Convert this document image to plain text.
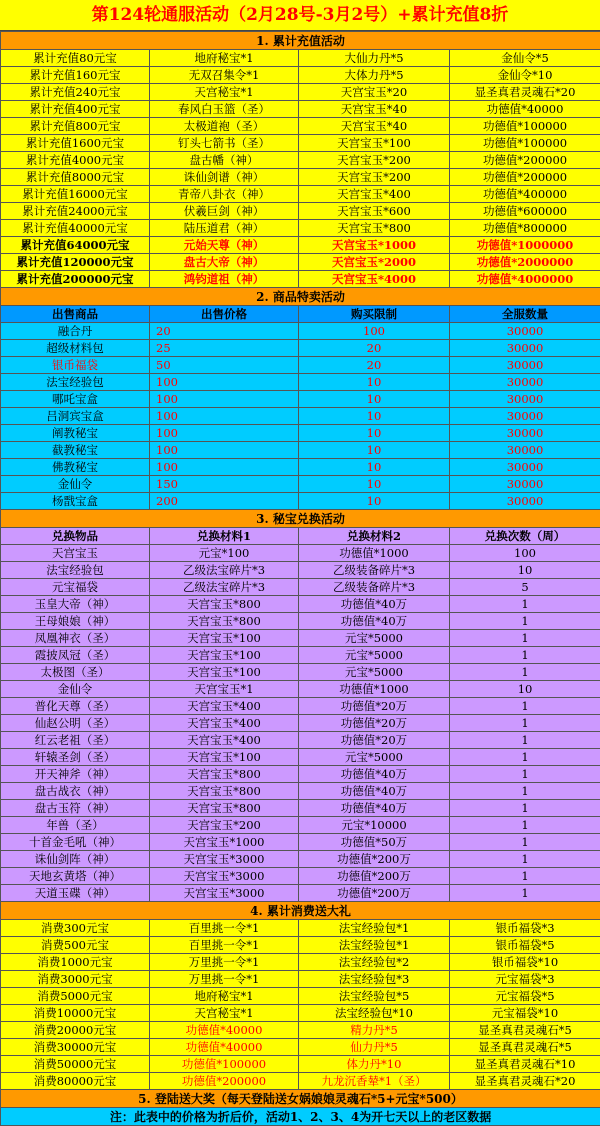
第124轮通服活动（2月28号-3月2号）+累计充值8折
1. 累计充值活动			
累计充值80元宝	地府秘宝*1	大仙力丹*5	金仙令*5
累计充值160元宝	无双召集令*1	大体力丹*5	金仙令*10
累计充值240元宝	天宫秘宝*1	天宫宝玉*20	显圣真君灵魂石*20
累计充值400元宝	春风白玉篮（圣）	天宫宝玉*40	功德值*40000
累计充值800元宝	太极道袍（圣）	天宫宝玉*40	功德值*100000
累计充值1600元宝	钉头七箭书（圣）	天宫宝玉*100	功德值*100000
累计充值4000元宝	盘古幡（神）	天宫宝玉*200	功德值*200000
累计充值8000元宝	诛仙剑谱（神）	天宫宝玉*200	功德值*200000
累计充值16000元宝	青帝八卦衣（神）	天宫宝玉*400	功德值*400000
累计充值24000元宝	伏羲巨剑（神）	天宫宝玉*600	功德值*600000
累计充值40000元宝	陆压道君（神）	天宫宝玉*800	功德值*800000
累计充值64000元宝	元始天尊（神）	天宫宝玉*1000	功德值*1000000
累计充值120000元宝	盘古大帝（神）	天宫宝玉*2000	功德值*2000000
累计充值200000元宝	鸿钧道祖（神）	天宫宝玉*4000	功德值*4000000
2. 商品特卖活动			
出售商品	出售价格	购买限制	全服数量
融合丹	20	100	30000
超级材料包	25	20	30000
银币福袋	50	20	30000
法宝经验包	100	10	30000
哪吒宝盒	100	10	30000
吕洞宾宝盒	100	10	30000
阐教秘宝	100	10	30000
截教秘宝	100	10	30000
佛教秘宝	100	10	30000
金仙令	150	10	30000
杨戬宝盒	200	10	30000
3. 秘宝兑换活动			
兑换物品	兑换材料1	兑换材料2	兑换次数（周）
天宫宝玉	元宝*100	功德值*1000	100
法宝经验包	乙级法宝碎片*3	乙级装备碎片*3	10
元宝福袋	乙级法宝碎片*3	乙级装备碎片*3	5
玉皇大帝（神）	天宫宝玉*800	功德值*40万	1
王母娘娘（神）	天宫宝玉*800	功德值*40万	1
凤凰神衣（圣）	天宫宝玉*100	元宝*5000	1
霞披凤冠（圣）	天宫宝玉*100	元宝*5000	1
太极图（圣）	天宫宝玉*100	元宝*5000	1
金仙令	天宫宝玉*1	功德值*1000	10
普化天尊（圣）	天宫宝玉*400	功德值*20万	1
仙赵公明（圣）	天宫宝玉*400	功德值*20万	1
红云老祖（圣）	天宫宝玉*400	功德值*20万	1
轩辕圣剑（圣）	天宫宝玉*100	元宝*5000	1
开天神斧（神）	天宫宝玉*800	功德值*40万	1
盘古战衣（神）	天宫宝玉*800	功德值*40万	1
盘古玉符（神）	天宫宝玉*800	功德值*40万	1
年兽（圣）	天宫宝玉*200	元宝*10000	1
十首金毛吼（神）	天宫宝玉*1000	功德值*50万	1
诛仙剑阵（神）	天宫宝玉*3000	功德值*200万	1
天地玄黄塔（神）	天宫宝玉*3000	功德值*200万	1
天道玉碟（神）	天宫宝玉*3000	功德值*200万	1
4. 累计消费送大礼			
消费300元宝	百里挑一令*1	法宝经验包*1	银币福袋*3
消费500元宝	百里挑一令*1	法宝经验包*1	银币福袋*5
消费1000元宝	万里挑一令*1	法宝经验包*2	银币福袋*10
消费3000元宝	万里挑一令*1	法宝经验包*3	元宝福袋*3
消费5000元宝	地府秘宝*1	法宝经验包*5	元宝福袋*5
消费10000元宝	天宫秘宝*1	法宝经验包*10	元宝福袋*10
消费20000元宝	功德值*40000	精力丹*5	显圣真君灵魂石*5
消费30000元宝	功德值*40000	仙力丹*5	显圣真君灵魂石*5
消费50000元宝	功德值*100000	体力丹*10	显圣真君灵魂石*10
消费80000元宝	功德值*200000	九龙沉香辇*1（圣）	显圣真君灵魂石*20
5. 登陆送大奖（每天登陆送女娲娘娘灵魂石*5+元宝*500）			
注：此表中的价格为折后价，活动1、2、3、4为开七天以上的老区数据			
